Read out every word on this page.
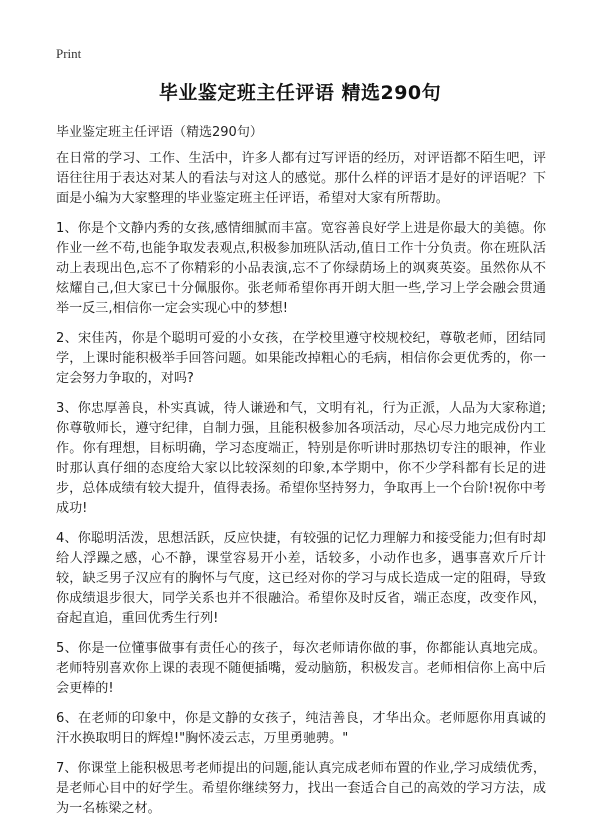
Print
毕业鉴定班主任评语 精选290句
毕业鉴定班主任评语（精选290句）

在日常的学习、工作、生活中，许多人都有过写评语的经历，对评语都不陌生吧，评语往往用于表达对某人的看法与对这人的感觉。那什么样的评语才是好的评语呢？下面是小编为大家整理的毕业鉴定班主任评语，希望对大家有所帮助。

1、你是个文静内秀的女孩,感情细腻而丰富。宽容善良好学上进是你最大的美德。你作业一丝不苟,也能争取发表观点,积极参加班队活动,值日工作十分负责。你在班队活动上表现出色,忘不了你精彩的小品表演,忘不了你绿荫场上的飒爽英姿。虽然你从不炫耀自己,但大家已十分佩服你。张老师希望你再开朗大胆一些,学习上学会融会贯通举一反三,相信你一定会实现心中的梦想!

2、宋佳芮，你是个聪明可爱的小女孩，在学校里遵守校规校纪，尊敬老师，团结同学，上课时能积极举手回答问题。如果能改掉粗心的毛病，相信你会更优秀的，你一定会努力争取的，对吗?

3、你忠厚善良，朴实真诚，待人谦逊和气，文明有礼，行为正派，人品为大家称道;你尊敬师长，遵守纪律，自制力强，且能积极参加各项活动，尽心尽力地完成份内工作。你有理想，目标明确，学习态度端正，特别是你听讲时那热切专注的眼神，作业时那认真仔细的态度给大家以比较深刻的印象,本学期中，你不少学科都有长足的进步，总体成绩有较大提升，值得表扬。希望你坚持努力，争取再上一个台阶!祝你中考成功!

4、你聪明活泼，思想活跃，反应快捷，有较强的记忆力理解力和接受能力;但有时却给人浮躁之感，心不静，课堂容易开小差，话较多，小动作也多，遇事喜欢斤斤计较，缺乏男子汉应有的胸怀与气度，这已经对你的学习与成长造成一定的阻碍，导致你成绩退步很大，同学关系也并不很融洽。希望你及时反省，端正态度，改变作风，奋起直追，重回优秀生行列!

5、你是一位懂事做事有责任心的孩子，每次老师请你做的事，你都能认真地完成。老师特别喜欢你上课的表现不随便插嘴，爱动脑筋，积极发言。老师相信你上高中后会更棒的!

6、在老师的印象中，你是文静的女孩子，纯洁善良，才华出众。老师愿你用真诚的汗水换取明日的辉煌!"胸怀凌云志，万里勇驰骋。"

7、你课堂上能积极思考老师提出的问题,能认真完成老师布置的作业,学习成绩优秀，是老师心目中的好学生。希望你继续努力，找出一套适合自己的高效的学习方法，成为一名栋梁之材。
